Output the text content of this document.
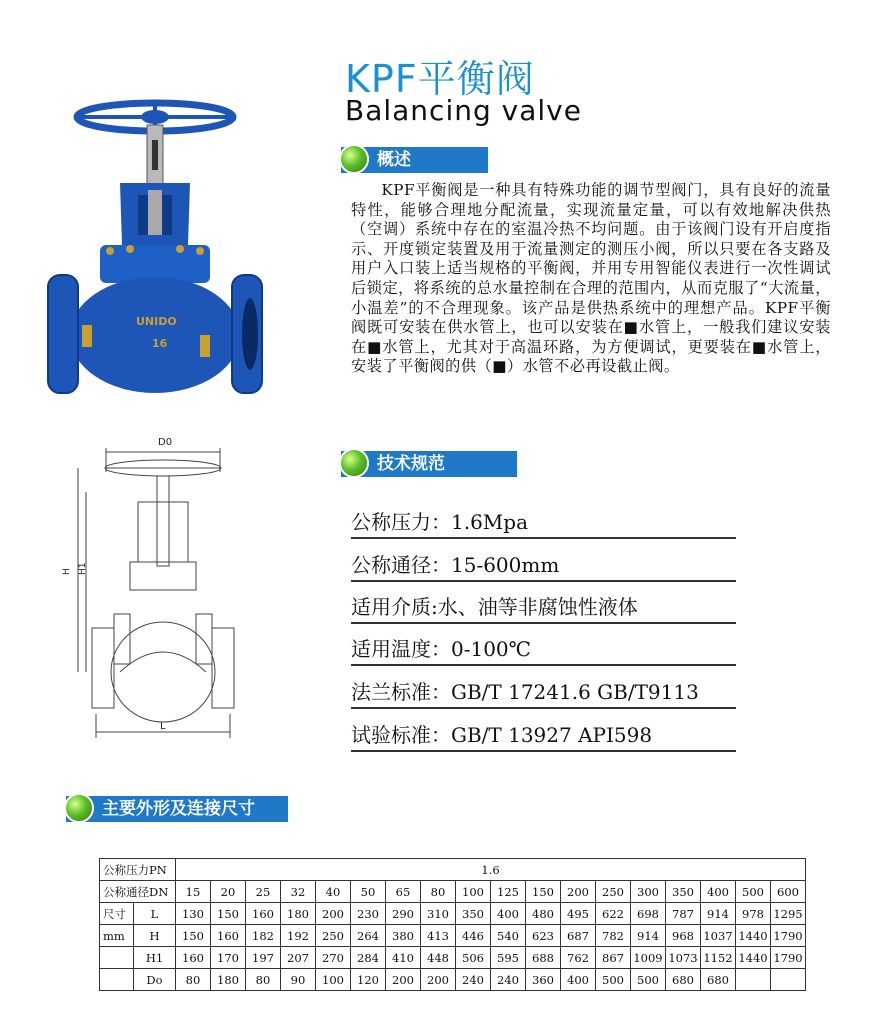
KPF平衡阀
Balancing valve
UNIDO
16
概述
KPF平衡阀是一种具有特殊功能的调节型阀门，具有良好的流量特性，能够合理地分配流量，实现流量定量，可以有效地解决供热（空调）系统中存在的室温冷热不均问题。由于该阀门设有开启度指示、开度锁定装置及用于流量测定的测压小阀，所以只要在各支路及用户入口装上适当规格的平衡阀，并用专用智能仪表进行一次性调试后锁定，将系统的总水量控制在合理的范围内，从而克服了“大流量，小温差”的不合理现象。该产品是供热系统中的理想产品。KPF平衡阀既可安装在供水管上，也可以安装在■水管上，一般我们建议安装在■水管上，尤其对于高温环路，为方便调试，更要装在■水管上，安装了平衡阀的供（■）水管不必再设截止阀。
D0
H H1
L
技术规范
公称压力：1.6Mpa
公称通径：15-600mm
适用介质:水、油等非腐蚀性液体
适用温度：0-100℃
法兰标准：GB/T 17241.6 GB/T9113
试验标准：GB/T 13927 API598
主要外形及连接尺寸
公称压力PN		1.6																	
公称通径DN		15	20	25	32	40	50	65	80	100	125	150	200	250	300	350	400	500	600
尺寸	L	130	150	160	180	200	230	290	310	350	400	480	495	622	698	787	914	978	1295
mm	H	150	160	182	192	250	264	380	413	446	540	623	687	782	914	968	1037	1440	1790
	H1	160	170	197	207	270	284	410	448	506	595	688	762	867	1009	1073	1152	1440	1790
	Do	80	180	80	90	100	120	200	200	240	240	360	400	500	500	680	680		
